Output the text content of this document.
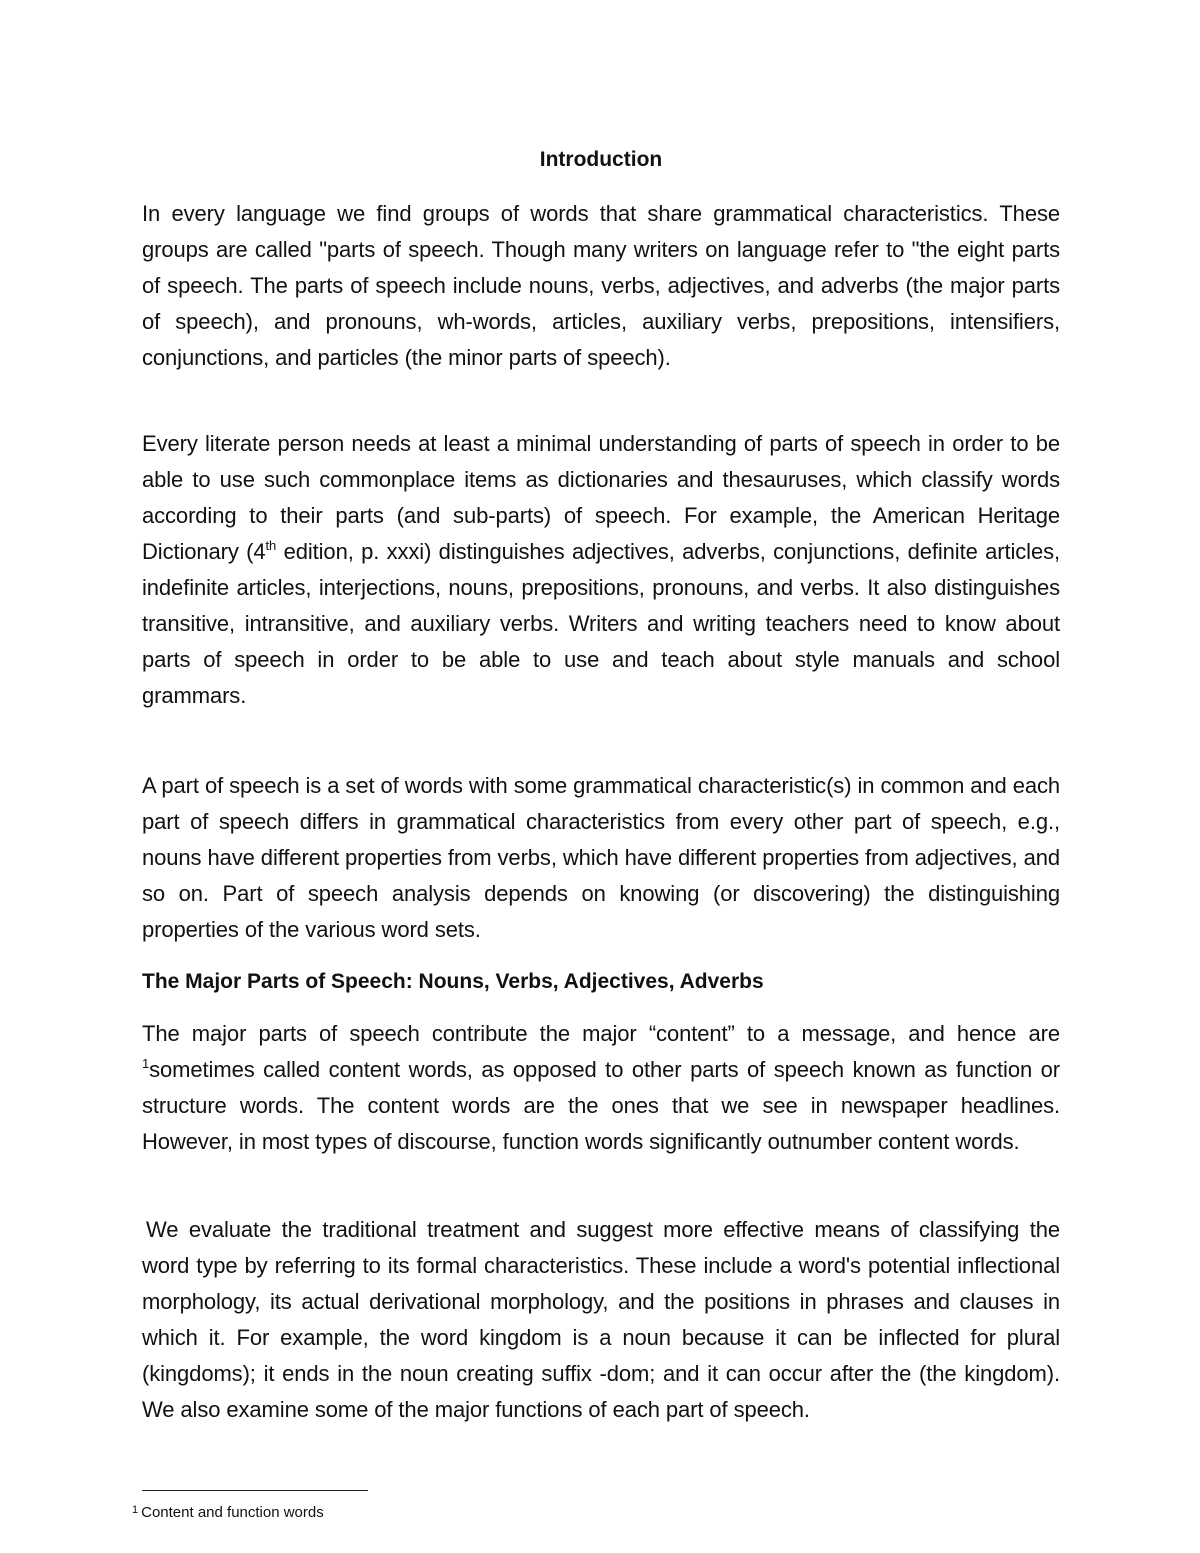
Introduction

In every language we find groups of words that share grammatical characteristics. These groups are called "parts of speech. Though many writers on language refer to "the eight parts of speech. The parts of speech include nouns, verbs, adjectives, and adverbs (the major parts of speech), and pronouns, wh-words, articles, auxiliary verbs, prepositions, intensifiers, conjunctions, and particles (the minor parts of speech).

Every literate person needs at least a minimal understanding of parts of speech in order to be able to use such commonplace items as dictionaries and thesauruses, which classify words according to their parts (and sub-parts) of speech. For example, the American Heritage Dictionary (4th edition, p. xxxi) distinguishes adjectives, adverbs, conjunctions, definite articles, indefinite articles, interjections, nouns, prepositions, pronouns, and verbs. It also distinguishes transitive, intransitive, and auxiliary verbs. Writers and writing teachers need to know about parts of speech in order to be able to use and teach about style manuals and school grammars.

A part of speech is a set of words with some grammatical characteristic(s) in common and each part of speech differs in grammatical characteristics from every other part of speech, e.g., nouns have different properties from verbs, which have different properties from adjectives, and so on. Part of speech analysis depends on knowing (or discovering) the distinguishing properties of the various word sets.

The Major Parts of Speech: Nouns, Verbs, Adjectives, Adverbs

The major parts of speech contribute the major “content” to a message, and hence are $^1$sometimes called content words, as opposed to other parts of speech known as function or structure words. The content words are the ones that we see in newspaper headlines. However, in most types of discourse, function words significantly outnumber content words.

We evaluate the traditional treatment and suggest more effective means of classifying the word type by referring to its formal characteristics. These include a word's potential inflectional morphology, its actual derivational morphology, and the positions in phrases and clauses in which it. For example, the word kingdom is a noun because it can be inflected for plural (kingdoms); it ends in the noun creating suffix -dom; and it can occur after the (the kingdom). We also examine some of the major functions of each part of speech.

$^1$ Content and function words
